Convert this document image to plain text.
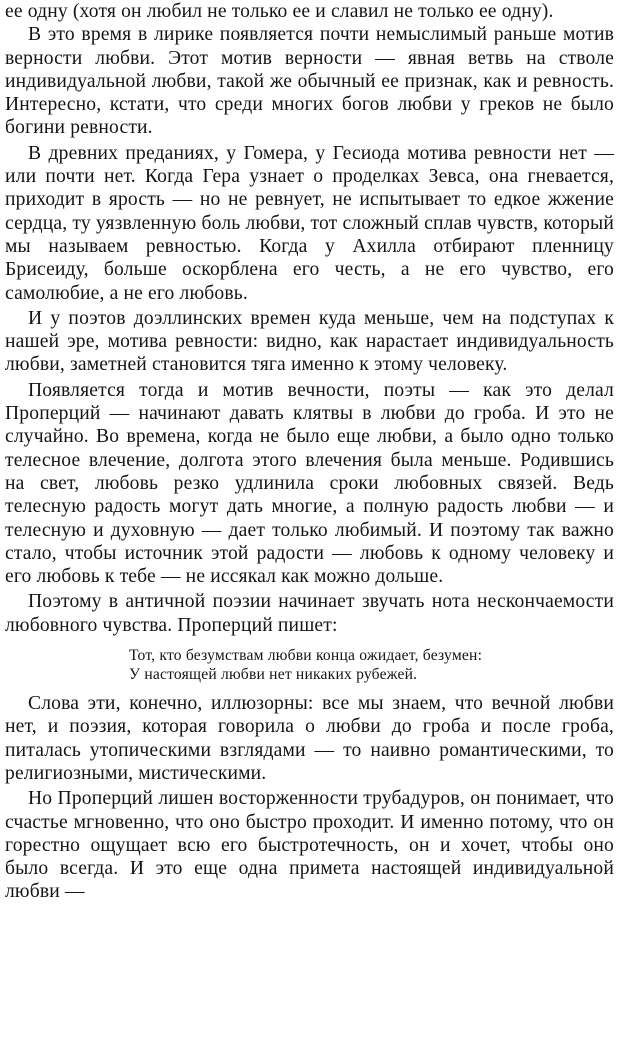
ее одну (хотя он любил не только ее и славил не только ее одну).

В это время в лирике появляется почти немыслимый раньше мотив верности любви. Этот мотив верности — явная ветвь на стволе индивидуальной любви, такой же обычный ее признак, как и ревность. Интересно, кстати, что среди многих богов любви у греков не было богини ревности.

В древних преданиях, у Гомера, у Гесиода мотива ревности нет — или почти нет. Когда Гера узнает о проделках Зевса, она гневается, приходит в ярость — но не ревнует, не испытывает то едкое жжение сердца, ту уязвленную боль любви, тот сложный сплав чувств, который мы называем ревностью. Когда у Ахилла отбирают пленницу Брисеиду, больше оскорблена его честь, а не его чувство, его самолюбие, а не его любовь.

И у поэтов доэллинских времен куда меньше, чем на подступах к нашей эре, мотива ревности: видно, как нарастает индивидуальность любви, заметней становится тяга именно к этому человеку.

Появляется тогда и мотив вечности, поэты — как это делал Проперций — начинают давать клятвы в любви до гроба. И это не случайно. Во времена, когда не было еще любви, а было одно только телесное влечение, долгота этого влечения была меньше. Родившись на свет, любовь резко удлинила сроки любовных связей. Ведь телесную радость могут дать многие, а полную радость любви — и телесную и духовную — дает только любимый. И поэтому так важно стало, чтобы источник этой радости — любовь к одному человеку и его любовь к тебе — не иссякал как можно дольше.

Поэтому в античной поэзии начинает звучать нота нескончаемости любовного чувства. Проперций пишет:

Тот, кто безумствам любви конца ожидает, безумен:
У настоящей любви нет никаких рубежей.

Слова эти, конечно, иллюзорны: все мы знаем, что вечной любви нет, и поэзия, которая говорила о любви до гроба и после гроба, питалась утопическими взглядами — то наивно романтическими, то религиозными, мистическими.

Но Проперций лишен восторженности трубадуров, он понимает, что счастье мгновенно, что оно быстро проходит. И именно потому, что он горестно ощущает всю его быстротечность, он и хочет, чтобы оно было всегда. И это еще одна примета настоящей индивидуальной любви —
